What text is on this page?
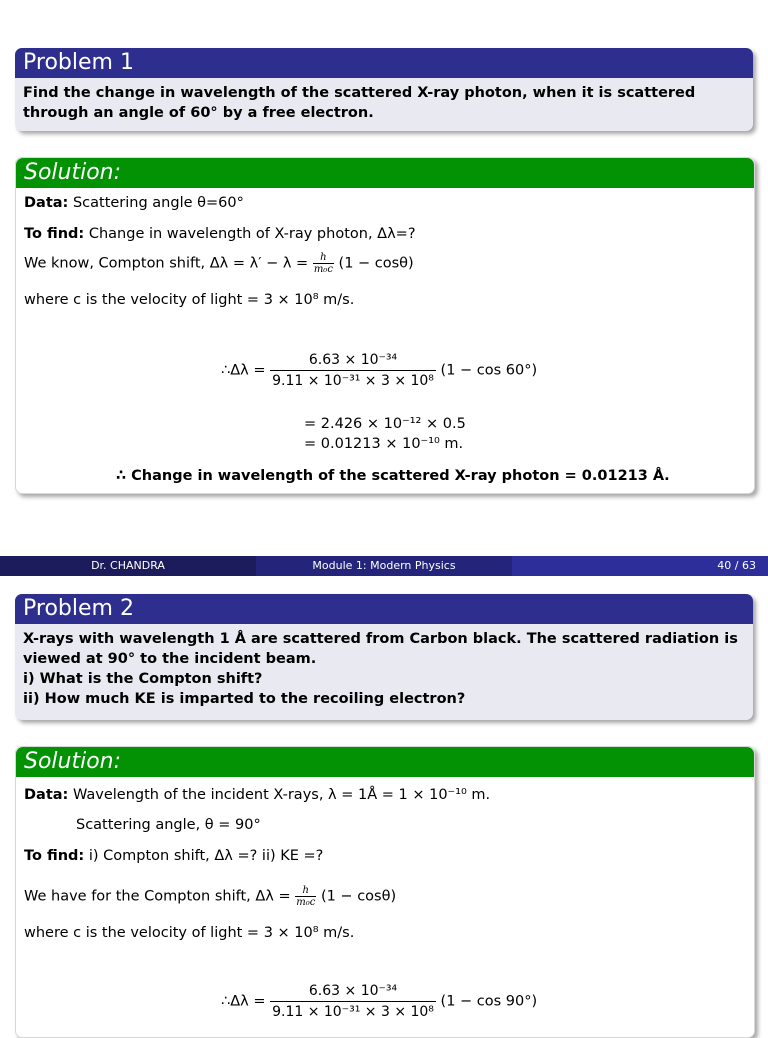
Problem 1
Find the change in wavelength of the scattered X-ray photon, when it is scattered through an angle of 60° by a free electron.
Solution:
Data: Scattering angle θ=60°
To find: Change in wavelength of X-ray photon, Δλ=?
We know, Compton shift, $\Delta\lambda = \lambda' - \lambda = \frac{h}{\text{m₀c}} (1 - \cos\theta)$
where c is the velocity of light = 3 × 10⁸ m/s.
∴Δλ = $\frac{\text{6.63 × 10⁻³⁴}}{\text{9.11 × 10⁻³¹ × 3 × 10⁸}} (1 - \cos 60^\circ)$
= 2.426 × 10⁻¹² × 0.5
= 0.01213 × 10⁻¹⁰ m.
∴ Change in wavelength of the scattered X-ray photon = 0.01213 Å.
Dr. CHANDRA	Module 1: Modern Physics	40 / 63
Problem 2
X-rays with wavelength 1 Å are scattered from Carbon black. The scattered radiation is
viewed at 90° to the incident beam.
i) What is the Compton shift?
ii) How much KE is imparted to the recoiling electron?
Solution:
Data: Wavelength of the incident X-rays, λ = 1Å = 1 × 10⁻¹⁰ m.
Scattering angle, θ = 90°
To find: i) Compton shift, Δλ =? ii) KE =?
We have for the Compton shift, $\Delta\lambda = \frac{h}{\text{m₀c}} (1 - \cos\theta)$
where c is the velocity of light = 3 × 10⁸ m/s.
∴Δλ = $\frac{\text{6.63 × 10⁻³⁴}}{\text{9.11 × 10⁻³¹ × 3 × 10⁸}} (1 - \cos 90^\circ)$
